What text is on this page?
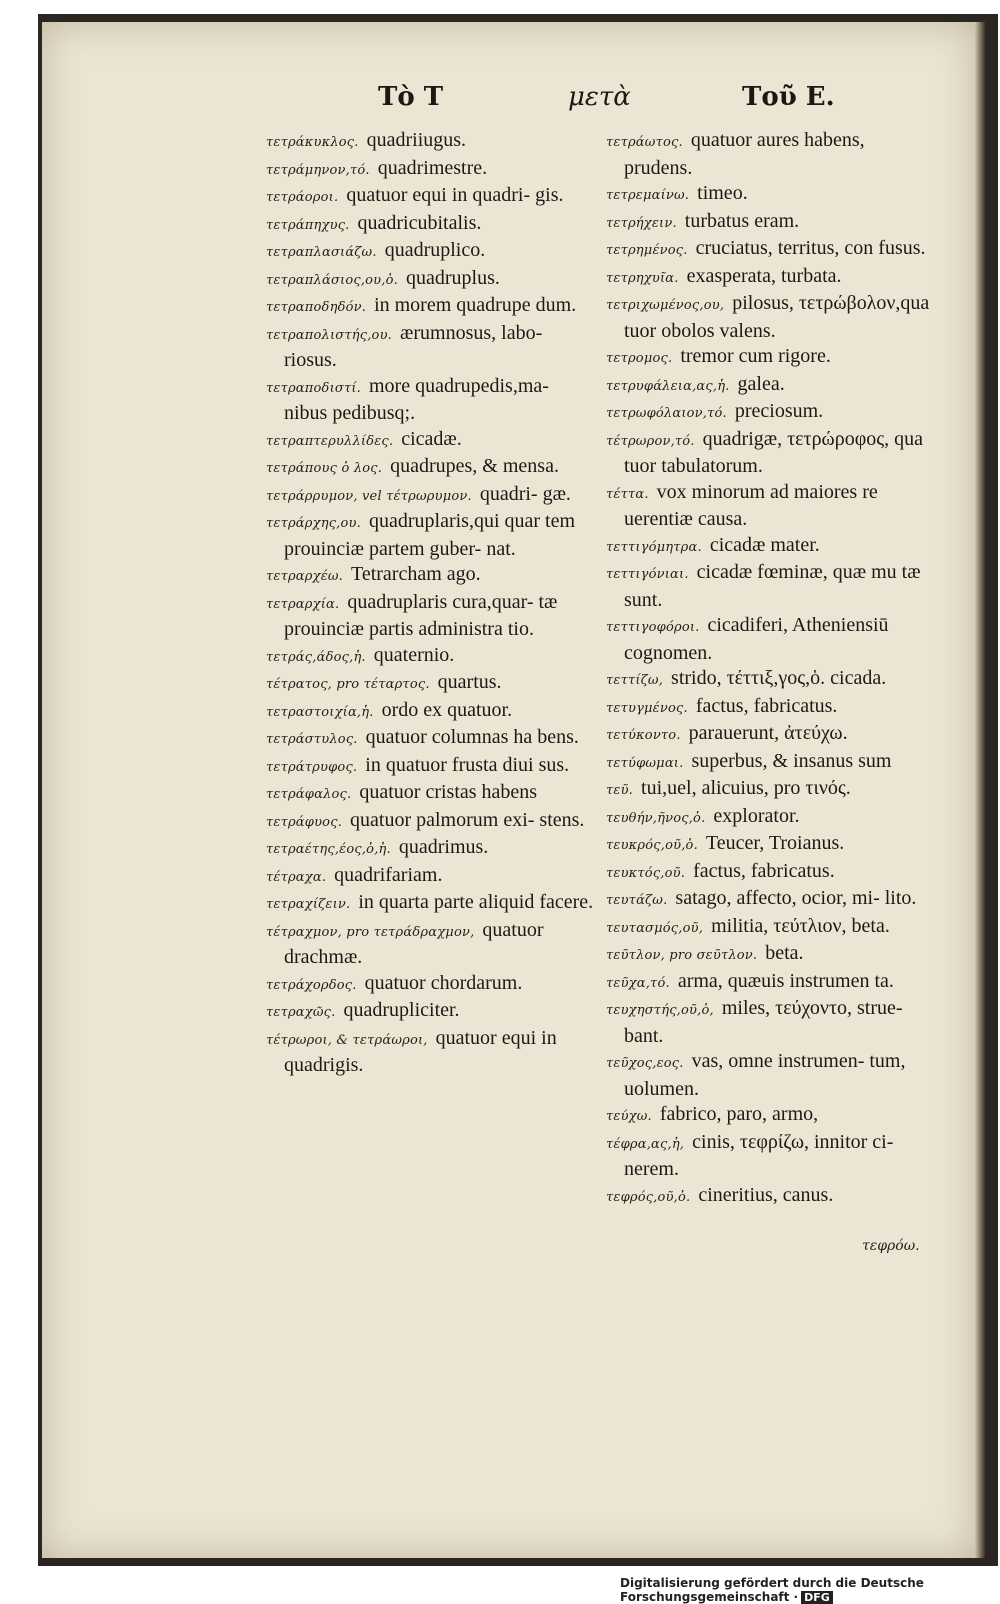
Τὸ Τ	μετὰ	Τοῦ Ε.
τετράκυκλος. quadriiugus.
τετράμηνον,τό. quadrimestre.
τετράοροι. quatuor equi in quadri- gis.
τετράπηχυς. quadricubitalis.
τετραπλασιάζω. quadruplico.
τετραπλάσιος,ου,ὁ. quadruplus.
τετραποδηδόν. in morem quadrupe dum.
τετραπολιστής,ου. ærumnosus, labo- riosus.
τετραποδιστί. more quadrupedis,ma- nibus pedibusq;.
τετραπτερυλλίδες. cicadæ.
τετράπους ὁ λος. quadrupes, & mensa.
τετράρρυμον, vel τέτρωρυμον. quadri- gæ.
τετράρχης,ου. quadruplaris,qui quar tem prouinciæ partem guber- nat.
τετραρχέω. Tetrarcham ago.
τετραρχία. quadruplaris cura,quar- tæ prouinciæ partis administra tio.
τετράς,άδος,ἡ. quaternio.
τέτρατος, pro τέταρτος. quartus.
τετραστοιχία,ἡ. ordo ex quatuor.
τετράστυλος. quatuor columnas ha bens.
τετράτρυφος. in quatuor frusta diui sus.
τετράφαλος. quatuor cristas habens
τετράφυος. quatuor palmorum exi- stens.
τετραέτης,έος,ὁ,ἡ. quadrimus.
τέτραχα. quadrifariam.
τετραχίζειν. in quarta parte aliquid facere.
τέτραχμον, pro τετράδραχμον, quatuor drachmæ.
τετράχορδος. quatuor chordarum.
τετραχῶς. quadrupliciter.
τέτρωροι, & τετράωροι, quatuor equi in quadrigis.
τετράωτος. quatuor aures habens, prudens.
τετρεμαίνω. timeo.
τετρήχειν. turbatus eram.
τετρημένος. cruciatus, territus, con fusus.
τετρηχυῖα. exasperata, turbata.
τετριχωμένος,ου, pilosus, τετρώβολον,qua tuor obolos valens.
τετρομος. tremor cum rigore.
τετρυφάλεια,ας,ἡ. galea.
τετρωφόλαιον,τό. preciosum.
τέτρωρον,τό. quadrigæ, τετρώροφος, qua tuor tabulatorum.
τέττα. vox minorum ad maiores re uerentiæ causa.
τεττιγόμητρα. cicadæ mater.
τεττιγόνιαι. cicadæ fœminæ, quæ mu tæ sunt.
τεττιγοφόροι. cicadiferi, Atheniensiū cognomen.
τεττίζω, strido, τέττιξ,γος,ὁ. cicada.
τετυγμένος. factus, fabricatus.
τετύκοντο. parauerunt, ἀτεύχω.
τετύφωμαι. superbus, & insanus sum
τεῦ. tui,uel, alicuius, pro τινός.
τευθήν,ῆνος,ὁ. explorator.
τευκρός,οῦ,ὁ. Teucer, Troianus.
τευκτός,οῦ. factus, fabricatus.
τευτάζω. satago, affecto, ocior, mi- lito.
τευτασμός,οῦ, militia, τεύτλιον, beta.
τεῦτλον, pro σεῦτλον. beta.
τεῦχα,τό. arma, quæuis instrumen ta.
τευχηστής,οῦ,ὁ, miles, τεύχοντο, strue- bant.
τεῦχος,εος. vas, omne instrumen- tum, uolumen.
τεύχω. fabrico, paro, armo,
τέφρα,ας,ἡ, cinis, τεφρίζω, innitor ci- nerem.
τεφρός,οῦ,ὁ. cineritius, canus.
τεφρόω.
Digitalisierung gefördert durch die Deutsche Forschungsgemeinschaft · DFG
